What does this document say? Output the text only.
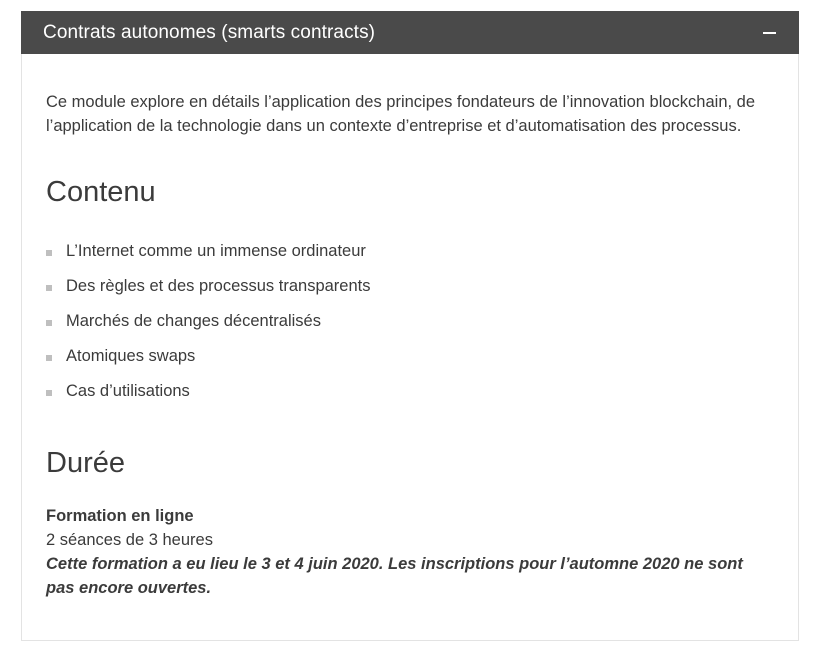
Contrats autonomes (smarts contracts)

Ce module explore en détails l’application des principes fondateurs de l’innovation blockchain, de l’application de la technologie dans un contexte d’entreprise et d’automatisation des processus.

Contenu
L’Internet comme un immense ordinateur
Des règles et des processus transparents
Marchés de changes décentralisés
Atomiques swaps
Cas d’utilisations
Durée
Formation en ligne
2 séances de 3 heures
Cette formation a eu lieu le 3 et 4 juin 2020. Les inscriptions pour l’automne 2020 ne sont pas encore ouvertes.
